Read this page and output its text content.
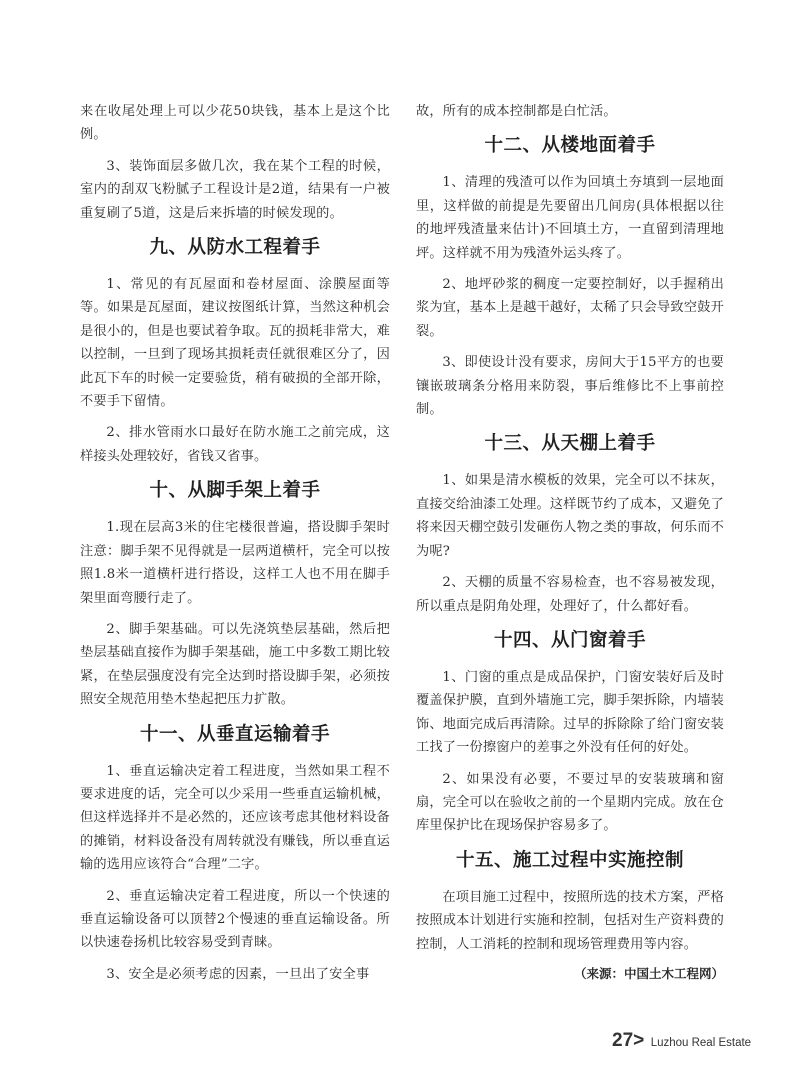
来在收尾处理上可以少花50块钱，基本上是这个比例。

3、装饰面层多做几次，我在某个工程的时候，室内的刮双飞粉腻子工程设计是2道，结果有一户被重复刷了5道，这是后来拆墙的时候发现的。

九、从防水工程着手

1、常见的有瓦屋面和卷材屋面、涂膜屋面等等。如果是瓦屋面，建议按图纸计算，当然这种机会是很小的，但是也要试着争取。瓦的损耗非常大，难以控制，一旦到了现场其损耗责任就很难区分了，因此瓦下车的时候一定要验货，稍有破损的全部开除，不要手下留情。

2、排水管雨水口最好在防水施工之前完成，这样接头处理较好，省钱又省事。

十、从脚手架上着手

1.现在层高3米的住宅楼很普遍，搭设脚手架时注意：脚手架不见得就是一层两道横杆，完全可以按照1.8米一道横杆进行搭设，这样工人也不用在脚手架里面弯腰行走了。

2、脚手架基础。可以先浇筑垫层基础，然后把垫层基础直接作为脚手架基础，施工中多数工期比较紧，在垫层强度没有完全达到时搭设脚手架，必须按照安全规范用垫木垫起把压力扩散。

十一、从垂直运输着手

1、垂直运输决定着工程进度，当然如果工程不要求进度的话，完全可以少采用一些垂直运输机械，但这样选择并不是必然的，还应该考虑其他材料设备的摊销，材料设备没有周转就没有赚钱，所以垂直运输的选用应该符合“合理”二字。

2、垂直运输决定着工程进度，所以一个快速的垂直运输设备可以顶替2个慢速的垂直运输设备。所以快速卷扬机比较容易受到青睐。

3、安全是必须考虑的因素，一旦出了安全事

故，所有的成本控制都是白忙活。

十二、从楼地面着手

1、清理的残渣可以作为回填土夯填到一层地面里，这样做的前提是先要留出几间房(具体根据以往的地坪残渣量来估计)不回填土方，一直留到清理地坪。这样就不用为残渣外运头疼了。

2、地坪砂浆的稠度一定要控制好，以手握稍出浆为宜，基本上是越干越好，太稀了只会导致空鼓开裂。

3、即使设计没有要求，房间大于15平方的也要镶嵌玻璃条分格用来防裂，事后维修比不上事前控制。

十三、从天棚上着手

1、如果是清水模板的效果，完全可以不抹灰，直接交给油漆工处理。这样既节约了成本，又避免了将来因天棚空鼓引发砸伤人物之类的事故，何乐而不为呢?

2、天棚的质量不容易检查，也不容易被发现，所以重点是阴角处理，处理好了，什么都好看。

十四、从门窗着手

1、门窗的重点是成品保护，门窗安装好后及时覆盖保护膜，直到外墙施工完，脚手架拆除，内墙装饰、地面完成后再清除。过早的拆除除了给门窗安装工找了一份擦窗户的差事之外没有任何的好处。

2、如果没有必要，不要过早的安装玻璃和窗扇，完全可以在验收之前的一个星期内完成。放在仓库里保护比在现场保护容易多了。

十五、施工过程中实施控制

在项目施工过程中，按照所选的技术方案，严格按照成本计划进行实施和控制，包括对生产资料费的控制，人工消耗的控制和现场管理费用等内容。

（来源：中国土木工程网）
27> Luzhou Real Estate
